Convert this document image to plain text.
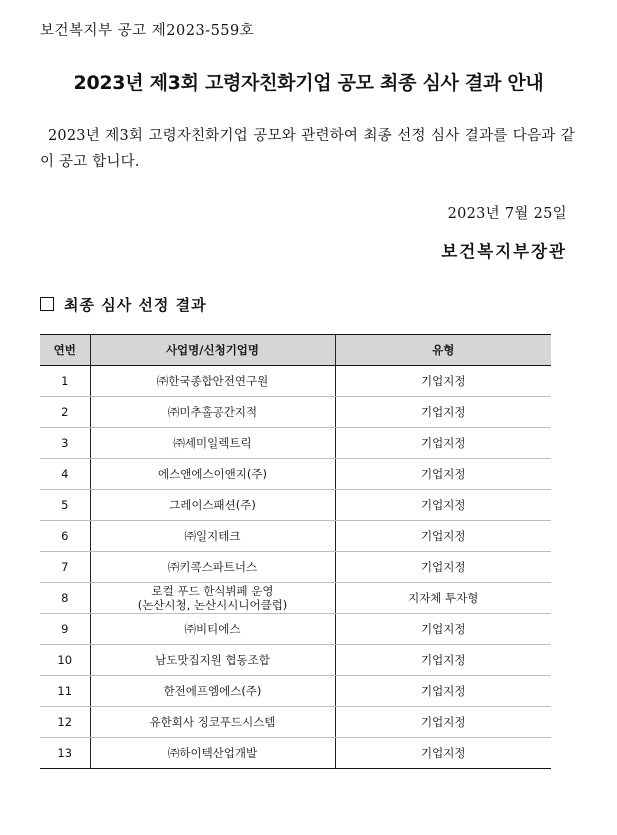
보건복지부 공고 제2023-559호
2023년 제3회 고령자친화기업 공모 최종 심사 결과 안내
2023년 제3회 고령자친화기업 공모와 관련하여 최종 선정 심사 결과를 다음과 같이 공고 합니다.
2023년 7월 25일
보건복지부장관
최종 심사 선정 결과
연번	사업명/신청기업명	유형
1	㈜한국종합안전연구원	기업지정
2	㈜미추홀공간지적	기업지정
3	㈜세미일렉트릭	기업지정
4	에스앤에스이앤지(주)	기업지정
5	그레이스패션(주)	기업지정
6	㈜일지테크	기업지정
7	㈜키콕스파트너스	기업지정
8	로컬 푸드 한식뷔페 운영
(논산시청, 논산시시니어클럽)	지자체 투자형
9	㈜비티에스	기업지정
10	남도맛집지원 협동조합	기업지정
11	한전에프엠에스(주)	기업지정
12	유한회사 징코푸드시스템	기업지정
13	㈜하이텍산업개발	기업지정
